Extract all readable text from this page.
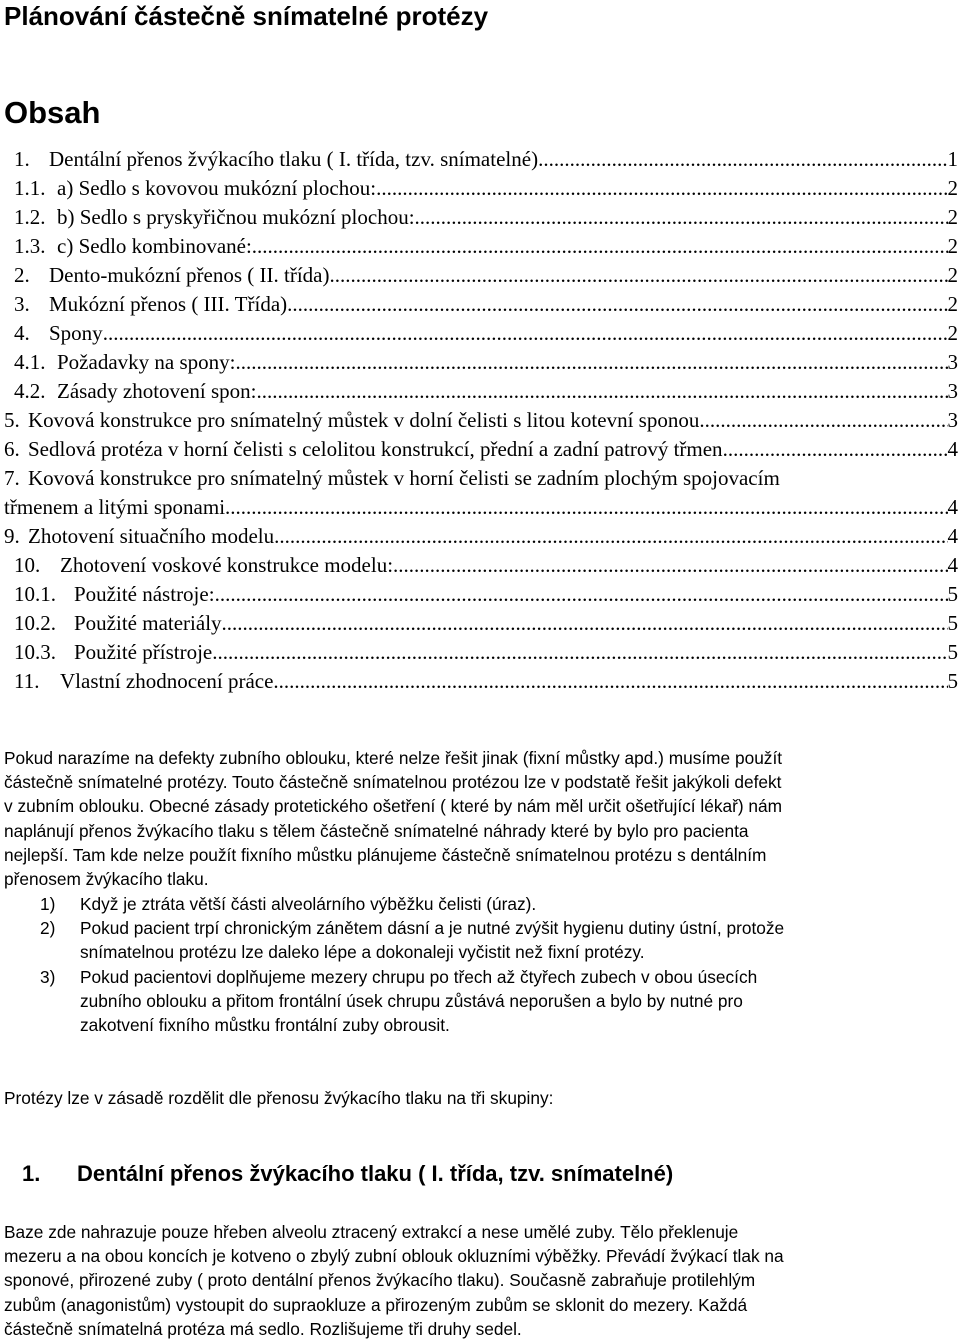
Plánování částečně snímatelné protézy
Obsah
1. Dentální přenos žvýkacího tlaku ( I. třída, tzv. snímatelné) .....	1
1.1. a) Sedlo s kovovou mukózní plochou: .....	2
1.2. b) Sedlo s pryskyřičnou mukózní plochou: .....	2
1.3. c) Sedlo kombinované: .....	2
2. Dento-mukózní přenos ( II. třída) .....	2
3. Mukózní přenos ( III. Třída) .....	2
4. Spony .....	2
4.1. Požadavky na spony: .....	3
4.2. Zásady zhotovení spon: .....	3
5. Kovová konstrukce pro snímatelný můstek v dolní čelisti s litou kotevní sponou .....	3
6. Sedlová protéza v horní čelisti s celolitou konstrukcí, přední a zadní patrový třmen .....	4
7. Kovová konstrukce pro snímatelný můstek v horní čelisti se zadním plochým spojovacím
třmenem a litými sponami .....	4
9. Zhotovení situačního modelu .....	4
10. Zhotovení voskové konstrukce modelu: .....	4
10.1. Použité nástroje: .....	5
10.2. Použité materiály .....	5
10.3. Použité přístroje .....	5
11. Vlastní zhodnocení práce .....	5
Pokud narazíme na defekty zubního oblouku, které nelze řešit jinak (fixní můstky apd.) musíme použít
částečně snímatelné protézy. Touto částečně snímatelnou protézou lze v podstatě řešit jakýkoli defekt
v zubním oblouku. Obecné zásady protetického ošetření ( které by nám měl určit ošetřující lékař) nám
naplánují přenos žvýkacího tlaku s tělem částečně snímatelné náhrady které by bylo pro pacienta
nejlepší. Tam kde nelze použít fixního můstku plánujeme částečně snímatelnou protézu s dentálním
přenosem žvýkacího tlaku.
1) Když je ztráta větší části alveolárního výběžku čelisti (úraz).
2) Pokud pacient trpí chronickým zánětem dásní a je nutné zvýšit hygienu dutiny ústní, protože
snímatelnou protézu lze daleko lépe a dokonaleji vyčistit než fixní protézy.
3) Pokud pacientovi doplňujeme mezery chrupu po třech až čtyřech zubech v obou úsecích
zubního oblouku a přitom frontální úsek chrupu zůstává neporušen a bylo by nutné pro
zakotvení fixního můstku frontální zuby obrousit.
Protézy lze v zásadě rozdělit dle přenosu žvýkacího tlaku na tři skupiny:
1. Dentální přenos žvýkacího tlaku ( I. třída, tzv. snímatelné)
Baze zde nahrazuje pouze hřeben alveolu ztracený extrakcí a nese umělé zuby. Tělo překlenuje
mezeru a na obou koncích je kotveno o zbylý zubní oblouk okluzními výběžky. Převádí žvýkací tlak na
sponové, přirozené zuby ( proto dentální přenos žvýkacího tlaku). Současně zabraňuje protilehlým
zubům (anagonistům) vystoupit do supraokluze a přirozeným zubům se sklonit do mezery. Každá
částečně snímatelná protéza má sedlo. Rozlišujeme tři druhy sedel.
